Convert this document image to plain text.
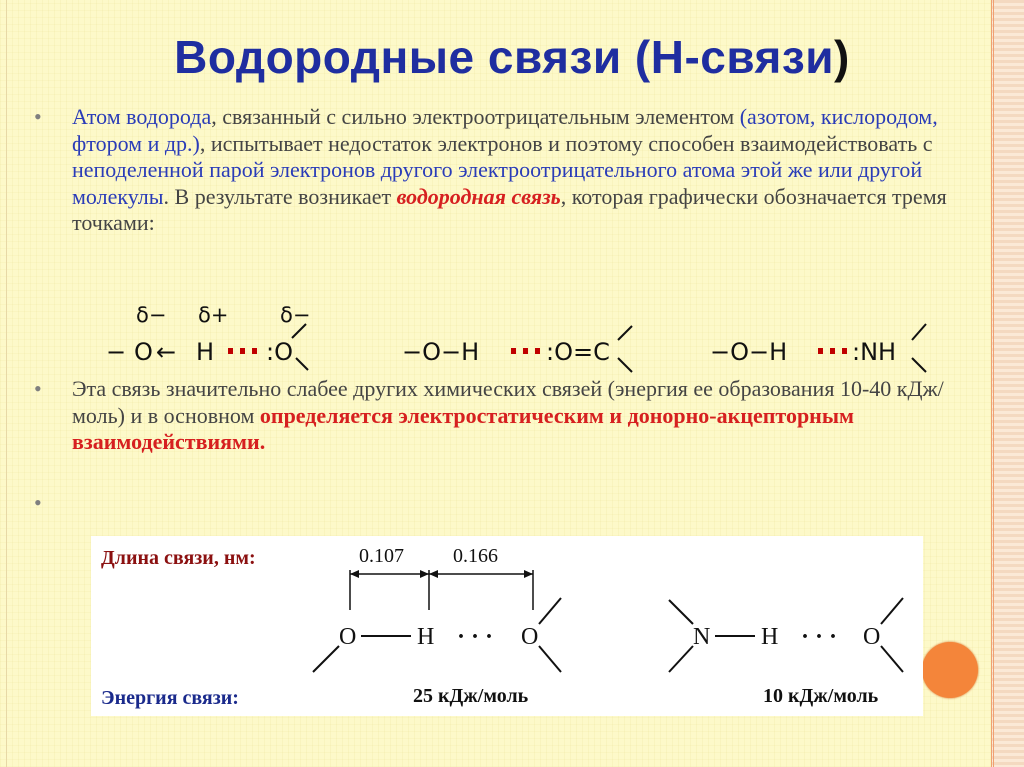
Водородные связи (Н-связи)
• Атом водорода, связанный с сильно электроотрицательным элементом (азотом, кислородом, фтором и др.), испытывает недостаток электронов и поэтому способен взаимодействовать с неподеленной парой электронов другого электроотрицательного атома этой же или другой молекулы. В результате возникает водородная связь, которая графически обозначается тремя точками:
δ− δ+ δ−
− O ← H :O	−O−H	:O=C	−O−H	:NH
• Эта связь значительно слабее других химических связей (энергия ее образования 10-40 кДж/моль) и в основном определяется электростатическим и донорно-акцепторным взаимодействиями.
•
Длина связи, нм:
Энергия связи:
0.107 0.166
O	H · · · O	N H · · · O
25 кДж/моль	10 кДж/моль
